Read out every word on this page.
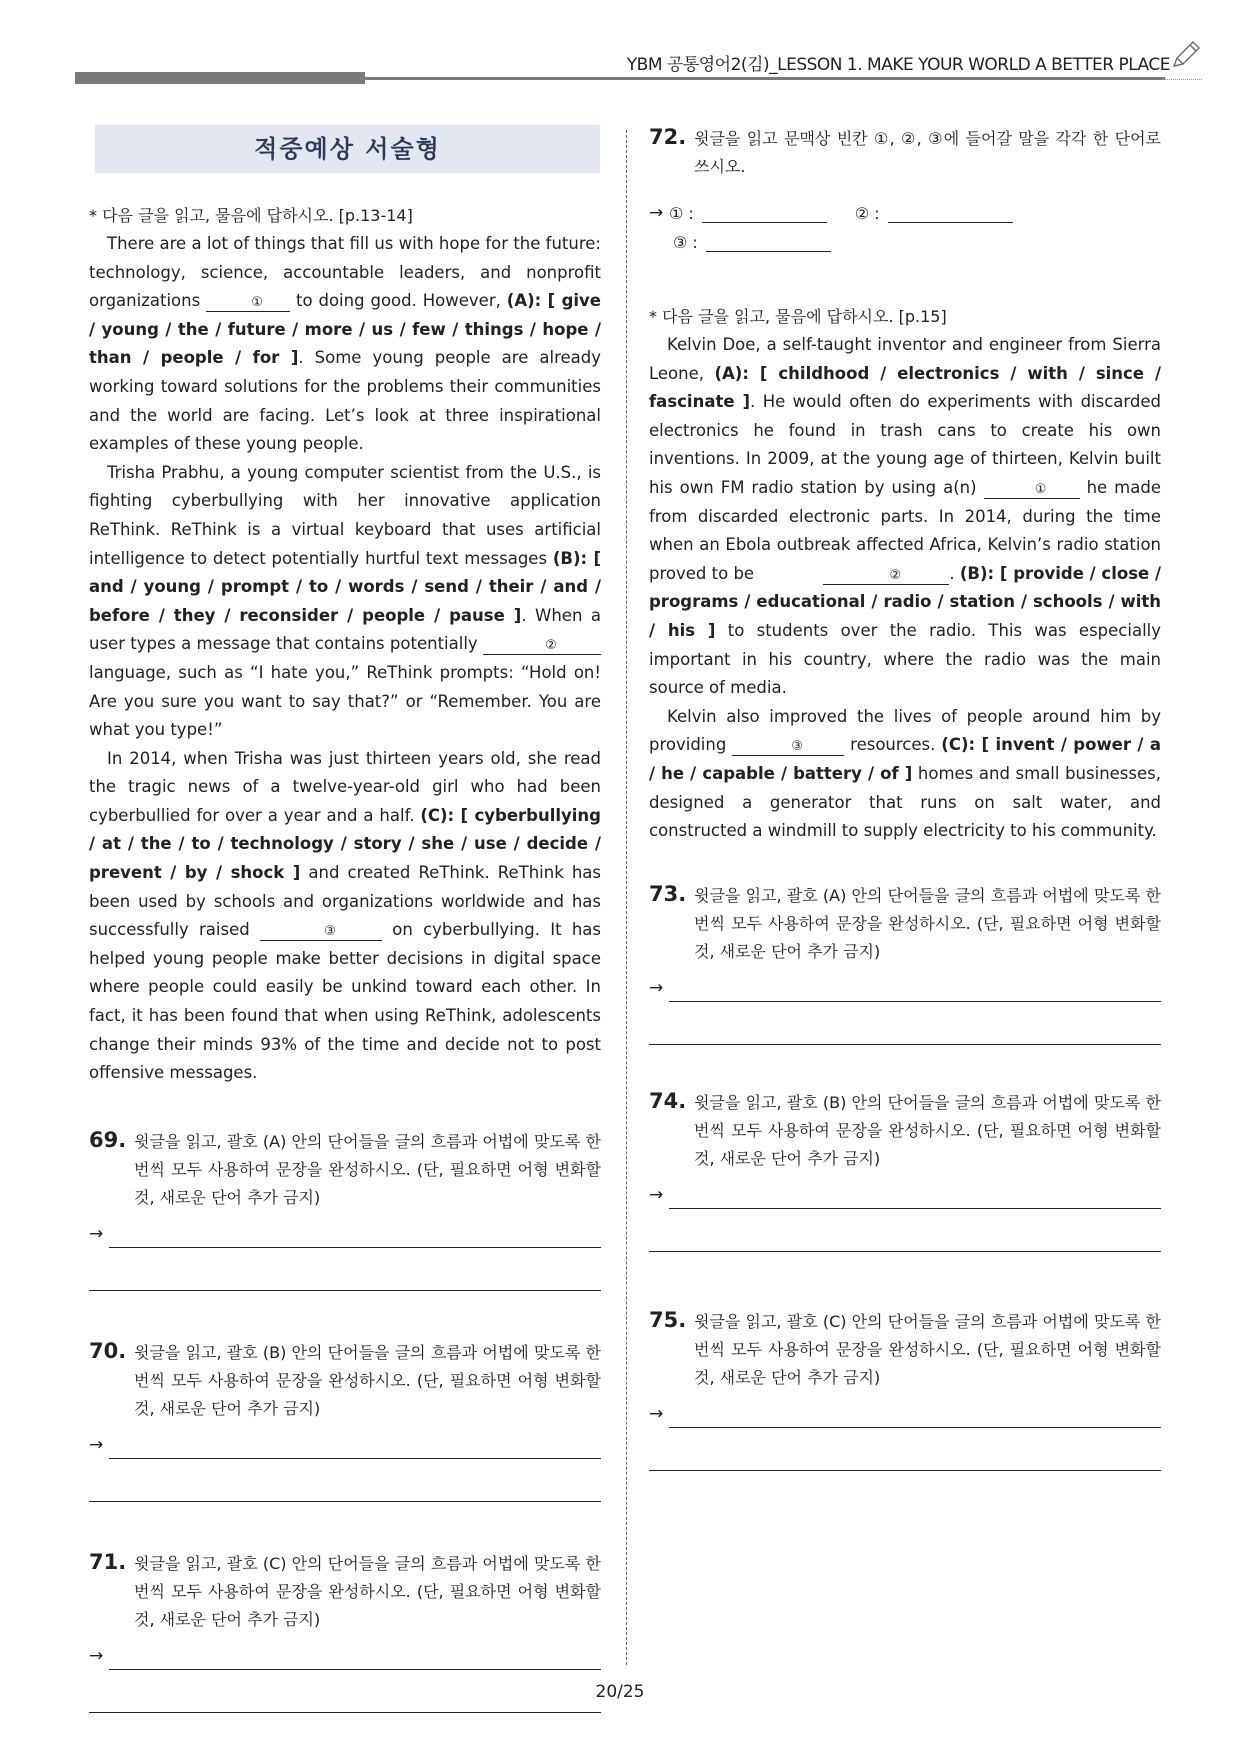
YBM 공통영어2(김)_LESSON 1. MAKE YOUR WORLD A BETTER PLACE
적중예상 서술형
* 다음 글을 읽고, 물음에 답하시오. [p.13-14]

There are a lot of things that fill us with hope for the future: technology, science, accountable leaders, and nonprofit organizations	① to doing good. However, (A): [ give / young / the / future / more / us / few / things / hope / than / people / for ]. Some young people are already working toward solutions for the problems their communities and the world are facing. Let’s look at three inspirational examples of these young people.

Trisha Prabhu, a young computer scientist from the U.S., is fighting cyberbullying with her innovative application ReThink. ReThink is a virtual keyboard that uses artificial intelligence to detect potentially hurtful text messages (B): [ and / young / prompt / to / words / send / their / and / before / they / reconsider / people / pause ]. When a user types a message that contains potentially	② language, such as “I hate you,” ReThink prompts: “Hold on! Are you sure you want to say that?” or “Remember. You are what you type!”

In 2014, when Trisha was just thirteen years old, she read the tragic news of a twelve-year-old girl who had been cyberbullied for over a year and a half. (C): [ cyberbullying / at / the / to / technology / story / she / use / decide / prevent / by / shock ] and created ReThink. ReThink has been used by schools and organizations worldwide and has successfully raised	③	on cyberbullying. It has helped young people make better decisions in digital space where people could easily be unkind toward each other. In fact, it has been found that when using ReThink, adolescents change their minds 93% of the time and decide not to post offensive messages.

69. 윗글을 읽고, 괄호 (A) 안의 단어들을 글의 흐름과 어법에 맞도록 한 번씩 모두 사용하여 문장을 완성하시오. (단, 필요하면 어형 변화할 것, 새로운 단어 추가 금지)
→
70. 윗글을 읽고, 괄호 (B) 안의 단어들을 글의 흐름과 어법에 맞도록 한 번씩 모두 사용하여 문장을 완성하시오. (단, 필요하면 어형 변화할 것, 새로운 단어 추가 금지)
→
71. 윗글을 읽고, 괄호 (C) 안의 단어들을 글의 흐름과 어법에 맞도록 한 번씩 모두 사용하여 문장을 완성하시오. (단, 필요하면 어형 변화할 것, 새로운 단어 추가 금지)
→
72. 윗글을 읽고 문맥상 빈칸 ①, ②, ③에 들어갈 말을 각각 한 단어로 쓰시오.
→ ① :	② :
③ :
* 다음 글을 읽고, 물음에 답하시오. [p.15]

Kelvin Doe, a self-taught inventor and engineer from Sierra Leone, (A): [ childhood / electronics / with / since / fascinate ]. He would often do experiments with discarded electronics he found in trash cans to create his own inventions. In 2009, at the young age of thirteen, Kelvin built his own FM radio station by using a(n)	① he made from discarded electronic parts. In 2014, during the time when an Ebola outbreak affected Africa, Kelvin’s radio station proved to be	②	. (B): [ provide / close / programs / educational / radio / station / schools / with / his ] to students over the radio. This was especially important in his country, where the radio was the main source of media.

Kelvin also improved the lives of people around him by providing	③ resources. (C): [ invent / power / a / he / capable / battery / of ] homes and small businesses, designed a generator that runs on salt water, and constructed a windmill to supply electricity to his community.

73. 윗글을 읽고, 괄호 (A) 안의 단어들을 글의 흐름과 어법에 맞도록 한 번씩 모두 사용하여 문장을 완성하시오. (단, 필요하면 어형 변화할 것, 새로운 단어 추가 금지)
→
74. 윗글을 읽고, 괄호 (B) 안의 단어들을 글의 흐름과 어법에 맞도록 한 번씩 모두 사용하여 문장을 완성하시오. (단, 필요하면 어형 변화할 것, 새로운 단어 추가 금지)
→
75. 윗글을 읽고, 괄호 (C) 안의 단어들을 글의 흐름과 어법에 맞도록 한 번씩 모두 사용하여 문장을 완성하시오. (단, 필요하면 어형 변화할 것, 새로운 단어 추가 금지)
→
20/25
